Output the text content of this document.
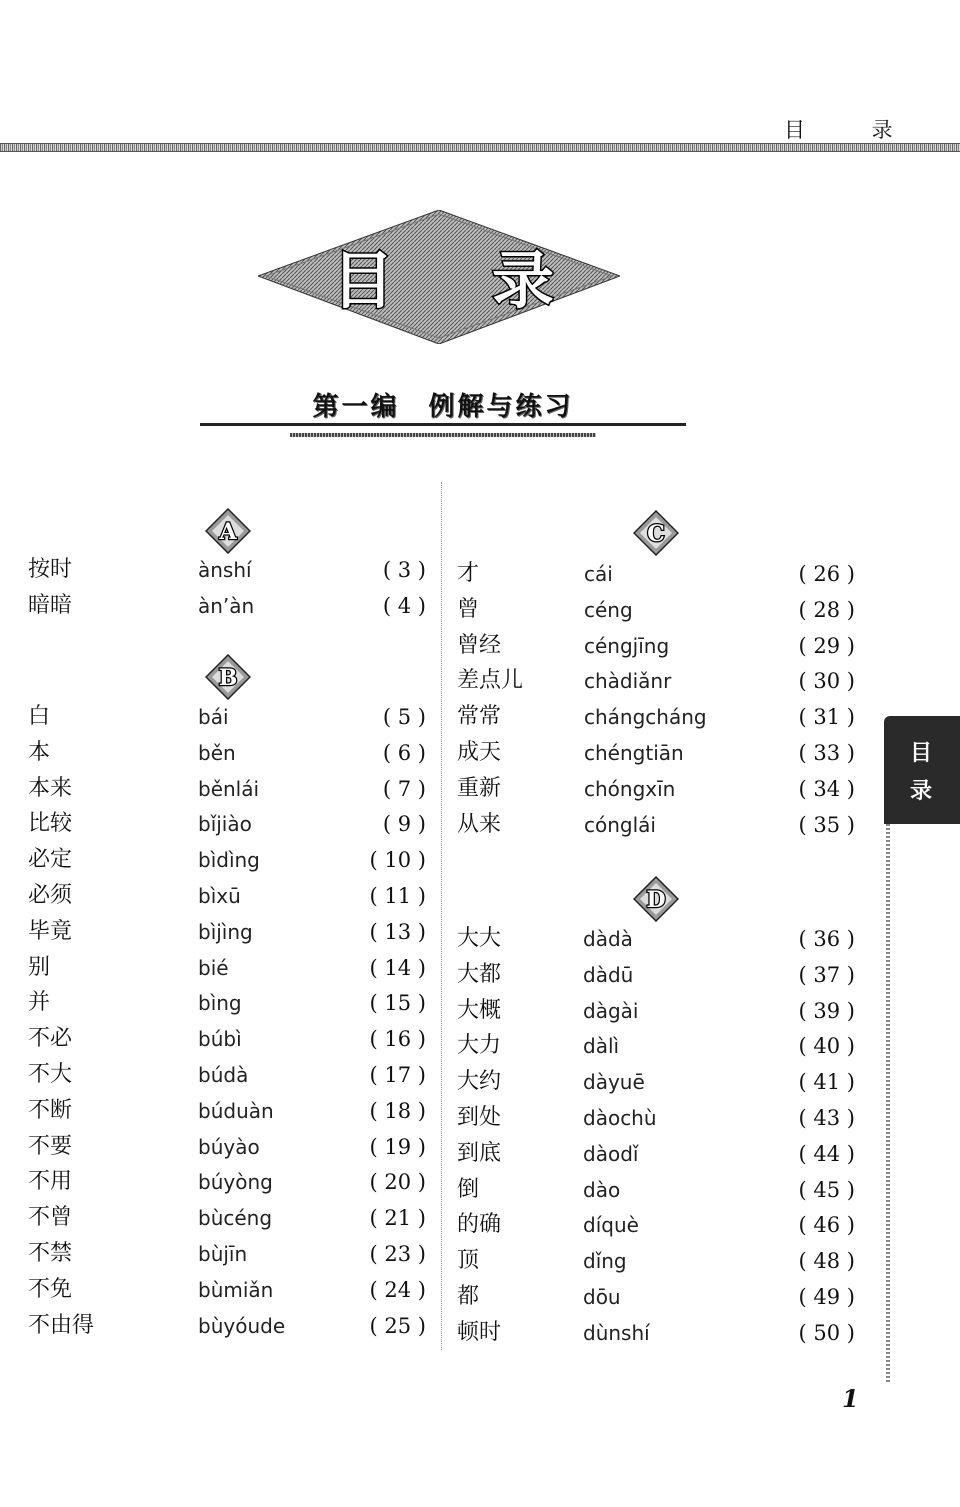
目 录
目 录
第一编　例解与练习
A
B
C
D
按时	ànshí	( 3 )
暗暗	àn’àn	( 4 )
白	bái	( 5 )
本	běn	( 6 )
本来	běnlái	( 7 )
比较	bǐjiào	( 9 )
必定	bìdìng	( 10 )
必须	bìxū	( 11 )
毕竟	bìjìng	( 13 )
别	bié	( 14 )
并	bìng	( 15 )
不必	búbì	( 16 )
不大	búdà	( 17 )
不断	búduàn	( 18 )
不要	búyào	( 19 )
不用	búyòng	( 20 )
不曾	bùcéng	( 21 )
不禁	bùjīn	( 23 )
不免	bùmiǎn	( 24 )
不由得	bùyóude	( 25 )
才	cái	( 26 )
曾	céng	( 28 )
曾经	céngjīng	( 29 )
差点儿	chàdiǎnr	( 30 )
常常	chángcháng	( 31 )
成天	chéngtiān	( 33 )
重新	chóngxīn	( 34 )
从来	cónglái	( 35 )
大大	dàdà	( 36 )
大都	dàdū	( 37 )
大概	dàgài	( 39 )
大力	dàlì	( 40 )
大约	dàyuē	( 41 )
到处	dàochù	( 43 )
到底	dàodǐ	( 44 )
倒	dào	( 45 )
的确	díquè	( 46 )
顶	dǐng	( 48 )
都	dōu	( 49 )
顿时	dùnshí	( 50 )
目
录
1
